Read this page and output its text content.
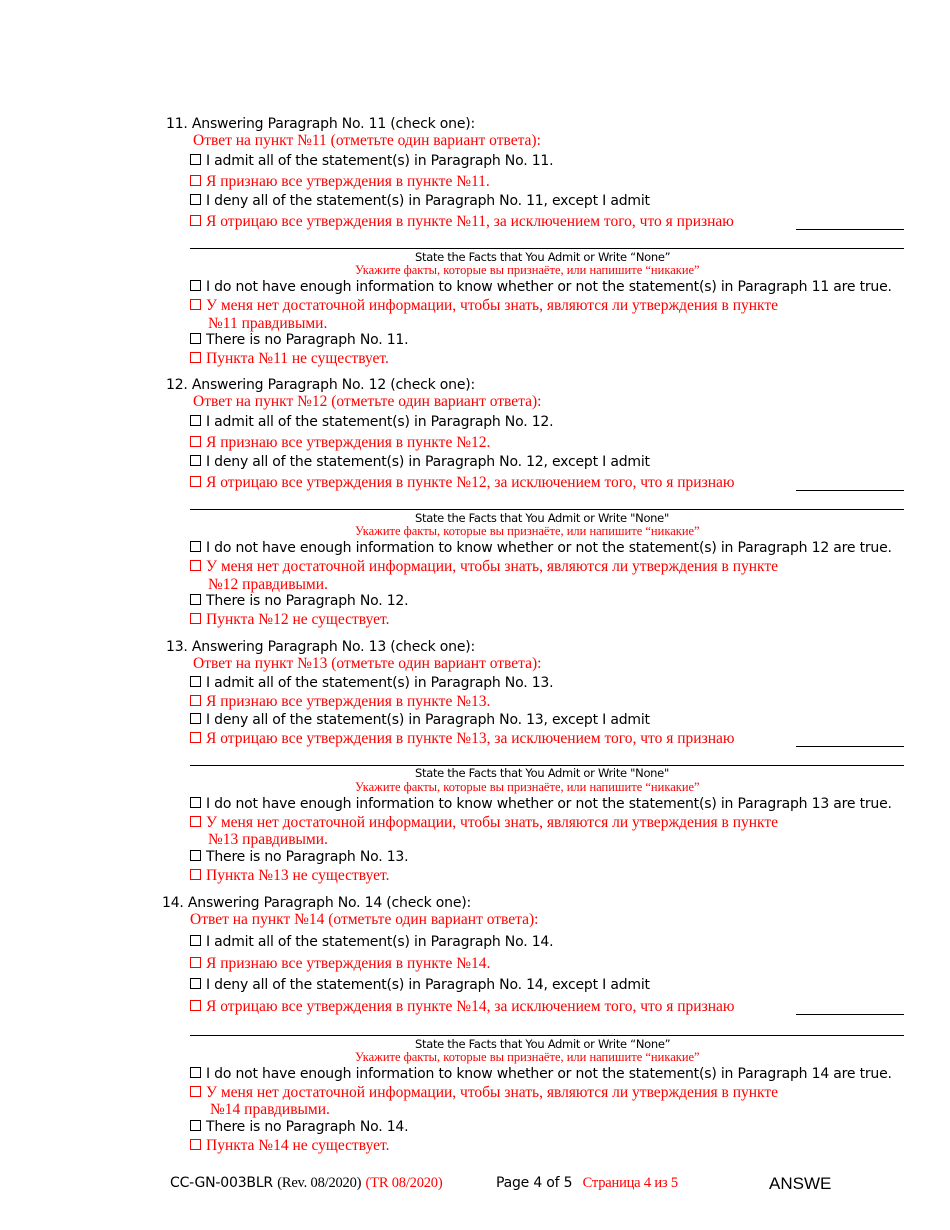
11. Answering Paragraph No. 11 (check one):
Ответ на пункт №11 (отметьте один вариант ответа):
I admit all of the statement(s) in Paragraph No. 11.
Я признаю все утверждения в пункте №11.
I deny all of the statement(s) in Paragraph No. 11, except I admit
Я отрицаю все утверждения в пункте №11, за исключением того, что я признаю
State the Facts that You Admit or Write “None”
Укажите факты, которые вы признаёте, или напишите “никакие”
I do not have enough information to know whether or not the statement(s) in Paragraph 11 are true.
У меня нет достаточной информации, чтобы знать, являются ли утверждения в пункте
№11 правдивыми.
There is no Paragraph No. 11.
Пункта №11 не существует.
12. Answering Paragraph No. 12 (check one):
Ответ на пункт №12 (отметьте один вариант ответа):
I admit all of the statement(s) in Paragraph No. 12.
Я признаю все утверждения в пункте №12.
I deny all of the statement(s) in Paragraph No. 12, except I admit
Я отрицаю все утверждения в пункте №12, за исключением того, что я признаю
State the Facts that You Admit or Write "None"
Укажите факты, которые вы признаёте, или напишите “никакие”
I do not have enough information to know whether or not the statement(s) in Paragraph 12 are true.
У меня нет достаточной информации, чтобы знать, являются ли утверждения в пункте
№12 правдивыми.
There is no Paragraph No. 12.
Пункта №12 не существует.
13. Answering Paragraph No. 13 (check one):
Ответ на пункт №13 (отметьте один вариант ответа):
I admit all of the statement(s) in Paragraph No. 13.
Я признаю все утверждения в пункте №13.
I deny all of the statement(s) in Paragraph No. 13, except I admit
Я отрицаю все утверждения в пункте №13, за исключением того, что я признаю
State the Facts that You Admit or Write "None"
Укажите факты, которые вы признаёте, или напишите “никакие”
I do not have enough information to know whether or not the statement(s) in Paragraph 13 are true.
У меня нет достаточной информации, чтобы знать, являются ли утверждения в пункте
№13 правдивыми.
There is no Paragraph No. 13.
Пункта №13 не существует.
14. Answering Paragraph No. 14 (check one):
Ответ на пункт №14 (отметьте один вариант ответа):
I admit all of the statement(s) in Paragraph No. 14.
Я признаю все утверждения в пункте №14.
I deny all of the statement(s) in Paragraph No. 14, except I admit
Я отрицаю все утверждения в пункте №14, за исключением того, что я признаю
State the Facts that You Admit or Write “None”
Укажите факты, которые вы признаёте, или напишите “никакие”
I do not have enough information to know whether or not the statement(s) in Paragraph 14 are true.
У меня нет достаточной информации, чтобы знать, являются ли утверждения в пункте
№14 правдивыми.
There is no Paragraph No. 14.
Пункта №14 не существует.
CC-GN-003BLR (Rev. 08/2020) (TR 08/2020)	Page 4 of 5 Страница 4 из 5	ANSWE
